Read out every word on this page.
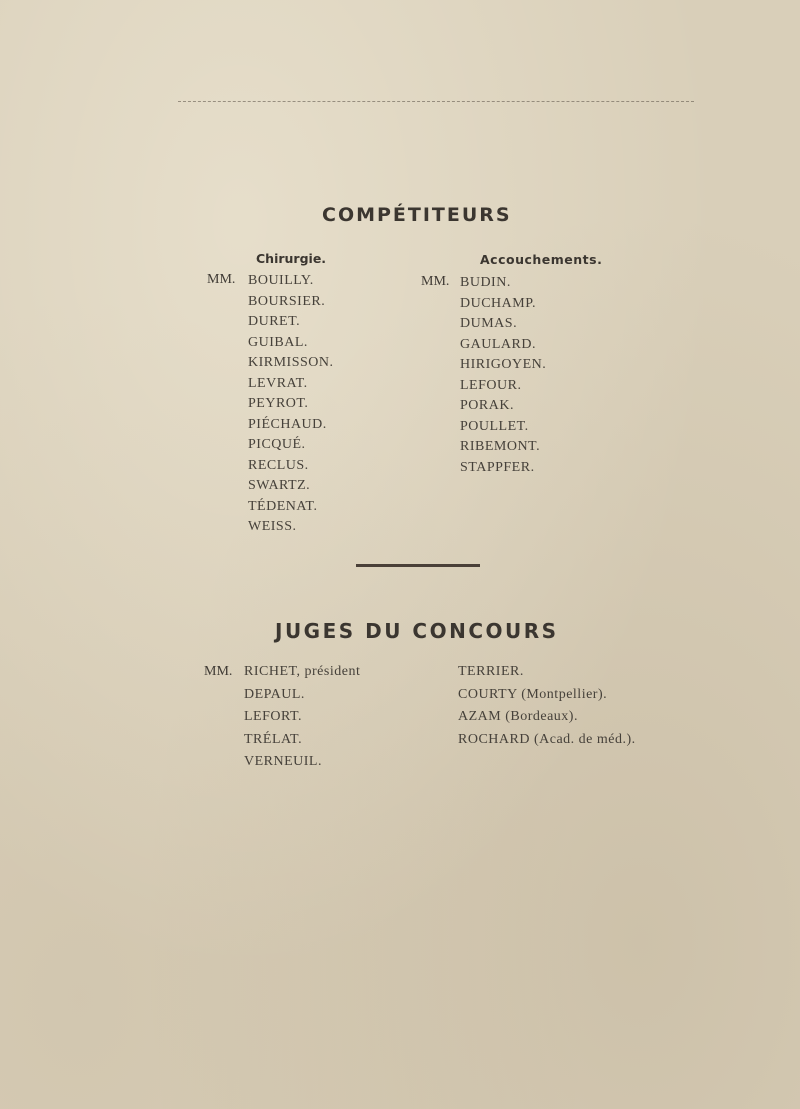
COMPÉTITEURS
Chirurgie.	Accouchements.
MM. BOUILLY.
BOURSIER.
DURET.
GUIBAL.
KIRMISSON.
LEVRAT.
PEYROT.
PIÉCHAUD.
PICQUÉ.
RECLUS.
SWARTZ.
TÉDENAT.
WEISS.
MM. BUDIN.
DUCHAMP.
DUMAS.
GAULARD.
HIRIGOYEN.
LEFOUR.
PORAK.
POULLET.
RIBEMONT.
STAPPFER.
JUGES DU CONCOURS
MM. RICHET, président
DEPAUL.
LEFORT.
TRÉLAT.
VERNEUIL.
TERRIER.
COURTY (Montpellier).
AZAM (Bordeaux).
ROCHARD (Acad. de méd.).
